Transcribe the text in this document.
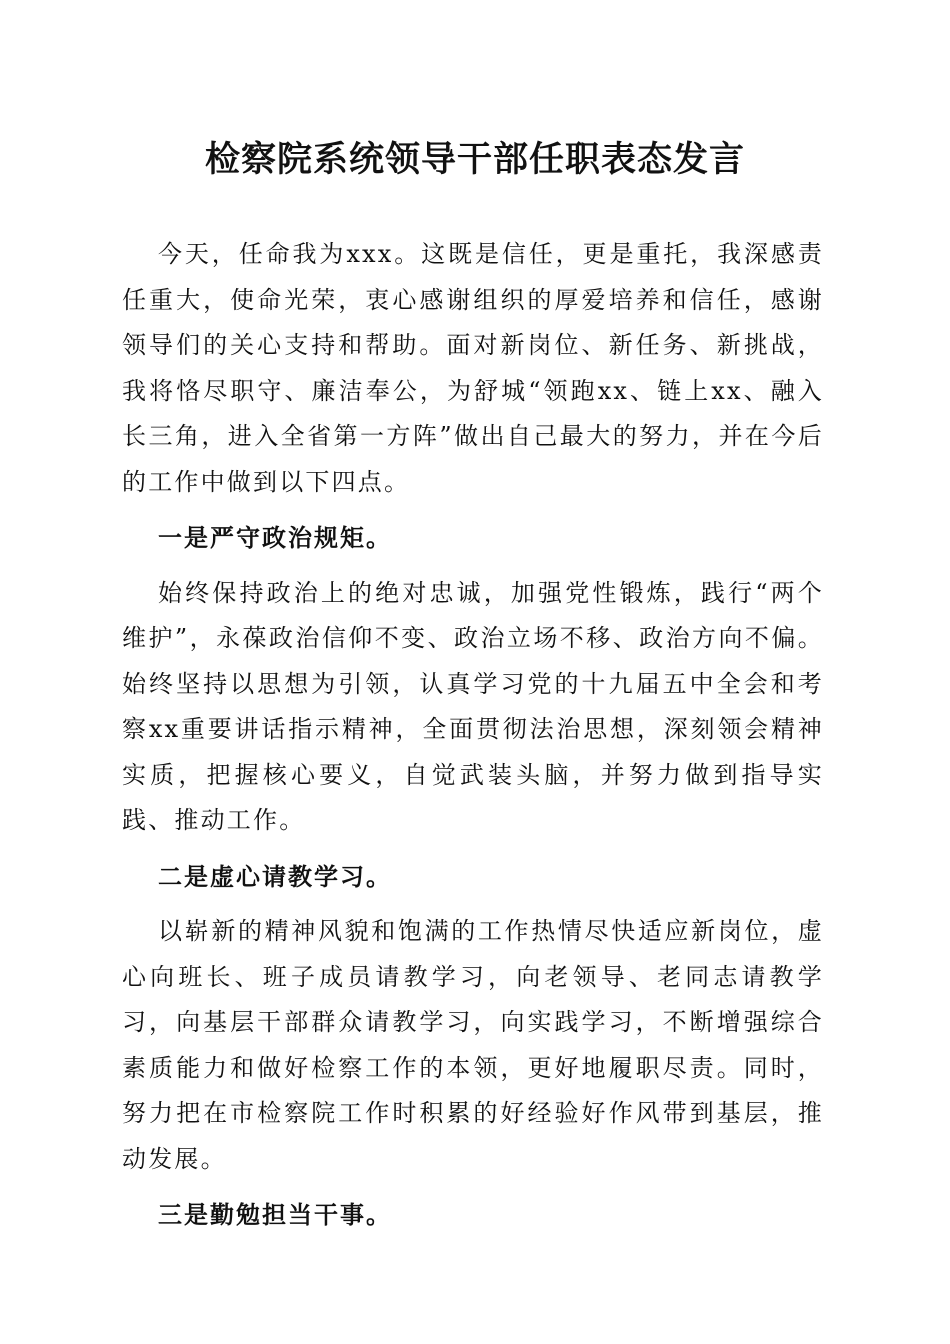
检察院系统领导干部任职表态发言

今天，任命我为xxx。这既是信任，更是重托，我深感责任重大，使命光荣，衷心感谢组织的厚爱培养和信任，感谢领导们的关心支持和帮助。面对新岗位、新任务、新挑战，我将恪尽职守、廉洁奉公，为舒城“领跑xx、链上xx、融入长三角，进入全省第一方阵”做出自己最大的努力，并在今后的工作中做到以下四点。

一是严守政治规矩。

始终保持政治上的绝对忠诚，加强党性锻炼，践行“两个维护”，永葆政治信仰不变、政治立场不移、政治方向不偏。始终坚持以思想为引领，认真学习党的十九届五中全会和考察xx重要讲话指示精神，全面贯彻法治思想，深刻领会精神实质，把握核心要义，自觉武装头脑，并努力做到指导实践、推动工作。

二是虚心请教学习。

以崭新的精神风貌和饱满的工作热情尽快适应新岗位，虚心向班长、班子成员请教学习，向老领导、老同志请教学习，向基层干部群众请教学习，向实践学习，不断增强综合素质能力和做好检察工作的本领，更好地履职尽责。同时，努力把在市检察院工作时积累的好经验好作风带到基层，推动发展。

三是勤勉担当干事。
